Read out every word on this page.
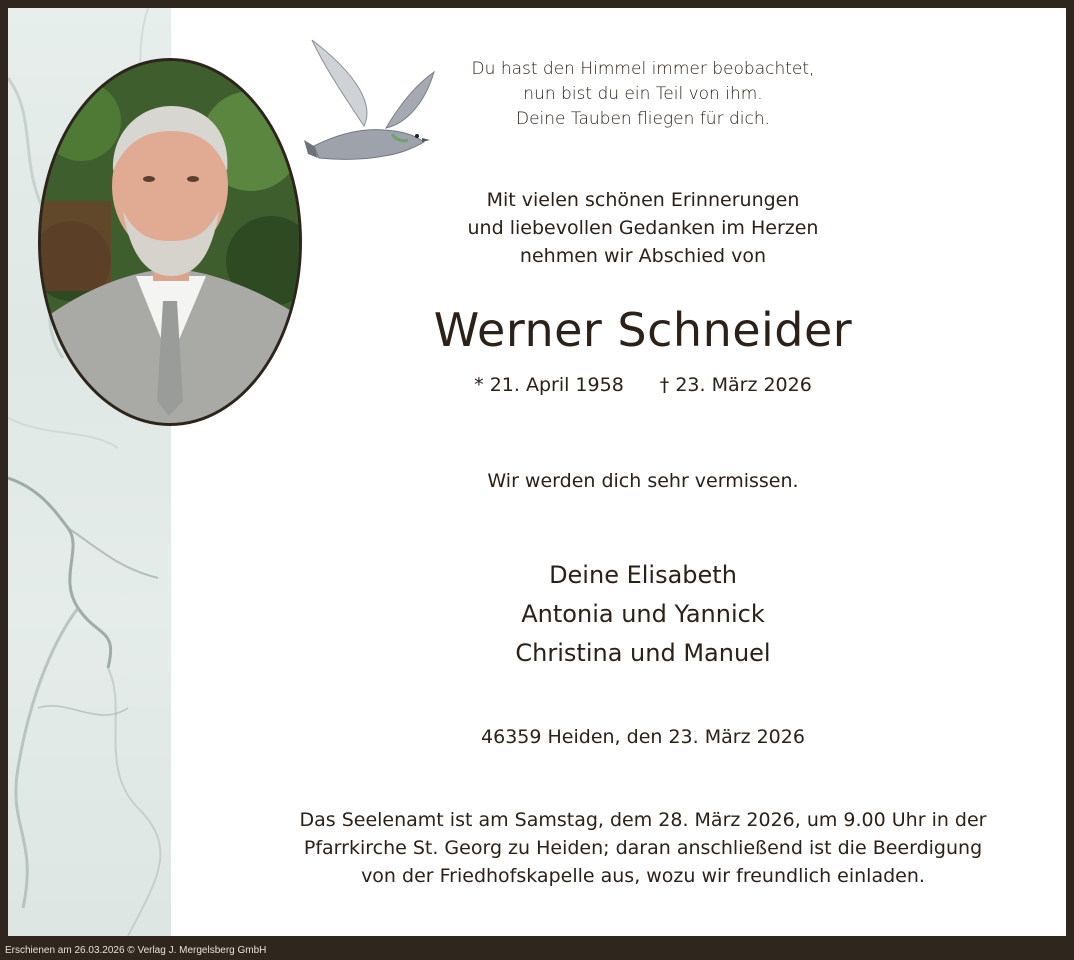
Du hast den Himmel immer beobachtet,
nun bist du ein Teil von ihm.
Deine Tauben fliegen für dich.
Mit vielen schönen Erinnerungen
und liebevollen Gedanken im Herzen
nehmen wir Abschied von
Werner Schneider
* 21. April 1958 † 23. März 2026
Wir werden dich sehr vermissen.
Deine Elisabeth
Antonia und Yannick
Christina und Manuel
46359 Heiden, den 23. März 2026
Das Seelenamt ist am Samstag, dem 28. März 2026, um 9.00 Uhr in der
Pfarrkirche St. Georg zu Heiden; daran anschließend ist die Beerdigung
von der Friedhofskapelle aus, wozu wir freundlich einladen.
Erschienen am 26.03.2026 © Verlag J. Mergelsberg GmbH
